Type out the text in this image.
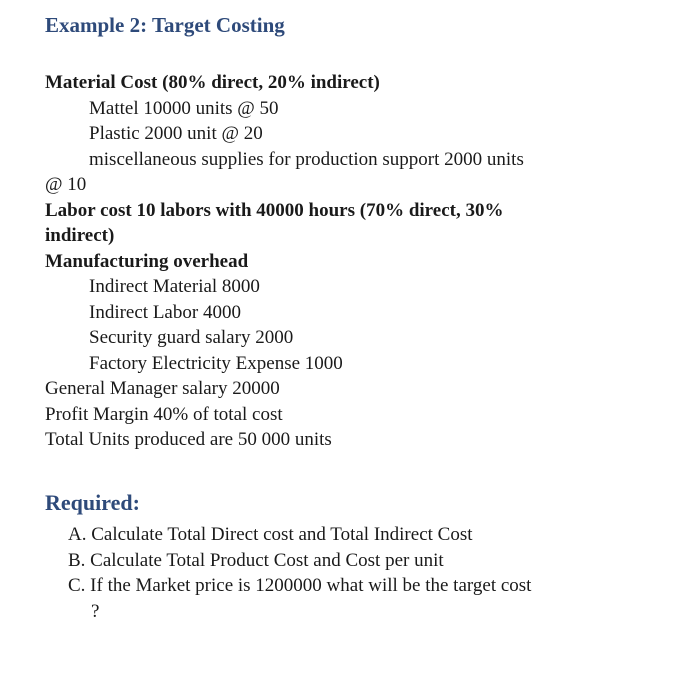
Example 2: Target Costing
Material Cost (80% direct, 20% indirect)
Mattel 10000 units @ 50
Plastic 2000 unit @ 20
miscellaneous supplies for production support 2000 units
@ 10
Labor cost 10 labors with 40000 hours (70% direct, 30%
indirect)
Manufacturing overhead
Indirect Material 8000
Indirect Labor 4000
Security guard salary 2000
Factory Electricity Expense 1000
General Manager salary 20000
Profit Margin 40% of total cost
Total Units produced are 50 000 units
Required:
A. Calculate Total Direct cost and Total Indirect Cost
B. Calculate Total Product Cost and Cost per unit
C. If the Market price is 1200000 what will be the target cost
?
